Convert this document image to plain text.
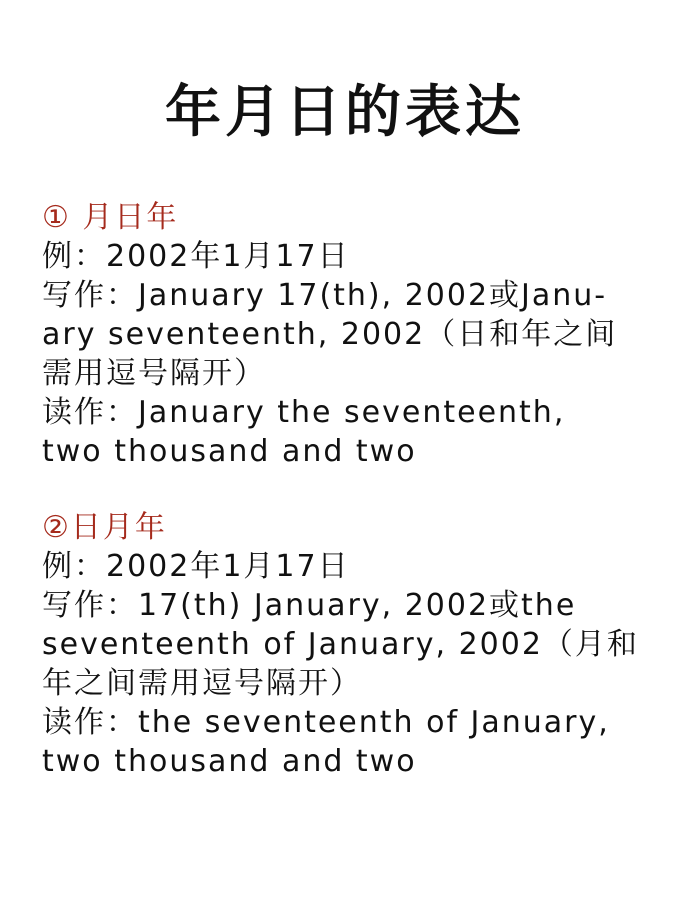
年月日的表达
① 月日年
例：2002年1月17日
写作：January 17(th), 2002或Janu-
ary seventeenth, 2002（日和年之间
需用逗号隔开）
读作：January the seventeenth,
two thousand and two
②日月年
例：2002年1月17日
写作：17(th) January, 2002或the
seventeenth of January, 2002（月和
年之间需用逗号隔开）
读作：the seventeenth of January,
two thousand and two
